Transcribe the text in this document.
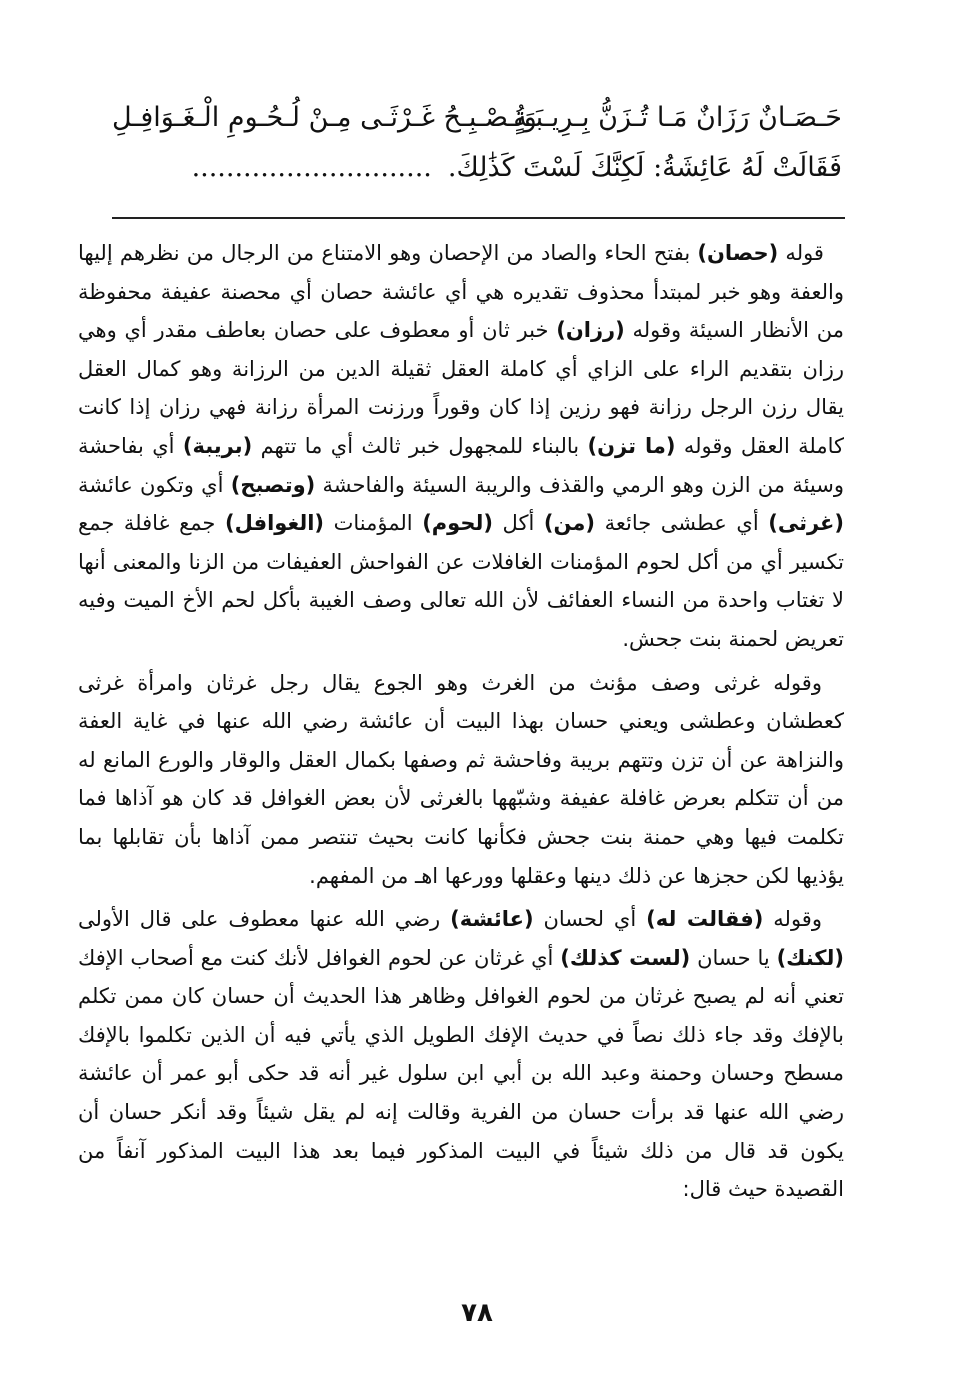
حَـصَـانٌ رَزَانٌ مَـا تُـزَنُّ بِـرِيـبَـةٍ
وَتُـصْـبِـحُ غَـرْثَـى مِـنْ لُـحُـومِ الْـغَـوَافِـلِ
فَقَالَتْ لَهُ عَائِشَةُ: لَكِنَّكَ لَسْتَ كَذَٰلِكَ.............................

قوله (حصان) بفتح الحاء والصاد من الإحصان وهو الامتناع من الرجال من نظرهم إليها والعفة وهو خبر لمبتدأ محذوف تقديره هي أي عائشة حصان أي محصنة عفيفة محفوظة من الأنظار السيئة وقوله (رزان) خبر ثان أو معطوف على حصان بعاطف مقدر أي وهي رزان بتقديم الراء على الزاي أي كاملة العقل ثقيلة الدين من الرزانة وهو كمال العقل يقال رزن الرجل رزانة فهو رزين إذا كان وقوراً ورزنت المرأة رزانة فهي رزان إذا كانت كاملة العقل وقوله (ما تزن) بالبناء للمجهول خبر ثالث أي ما تتهم (بريبة) أي بفاحشة وسيئة من الزن وهو الرمي والقذف والريبة السيئة والفاحشة (وتصبح) أي وتكون عائشة (غرثى) أي عطشى جائعة (من) أكل (لحوم) المؤمنات (الغوافل) جمع غافلة جمع تكسير أي من أكل لحوم المؤمنات الغافلات عن الفواحش العفيفات من الزنا والمعنى أنها لا تغتاب واحدة من النساء العفائف لأن الله تعالى وصف الغيبة بأكل لحم الأخ الميت وفيه تعريض لحمنة بنت جحش.

وقوله غرثى وصف مؤنث من الغرث وهو الجوع يقال رجل غرثان وامرأة غرثى كعطشان وعطشى ويعني حسان بهذا البيت أن عائشة رضي الله عنها في غاية العفة والنزاهة عن أن تزن وتتهم بريبة وفاحشة ثم وصفها بكمال العقل والوقار والورع المانع له من أن تتكلم بعرض غافلة عفيفة وشبّهها بالغرثى لأن بعض الغوافل قد كان هو آذاها فما تكلمت فيها وهي حمنة بنت جحش فكأنها كانت بحيث تنتصر ممن آذاها بأن تقابلها بما يؤذيها لكن حجزها عن ذلك دينها وعقلها وورعها اهـ من المفهم.

وقوله (فقالت له) أي لحسان (عائشة) رضي الله عنها معطوف على قال الأولى (لكنك) يا حسان (لست كذلك) أي غرثان عن لحوم الغوافل لأنك كنت مع أصحاب الإفك تعني أنه لم يصبح غرثان من لحوم الغوافل وظاهر هذا الحديث أن حسان كان ممن تكلم بالإفك وقد جاء ذلك نصاً في حديث الإفك الطويل الذي يأتي فيه أن الذين تكلموا بالإفك مسطح وحسان وحمنة وعبد الله بن أبي ابن سلول غير أنه قد حكى أبو عمر أن عائشة رضي الله عنها قد برأت حسان من الفرية وقالت إنه لم يقل شيئاً وقد أنكر حسان أن يكون قد قال من ذلك شيئاً في البيت المذكور فيما بعد هذا البيت المذكور آنفاً من القصيدة حيث قال:

٧٨
